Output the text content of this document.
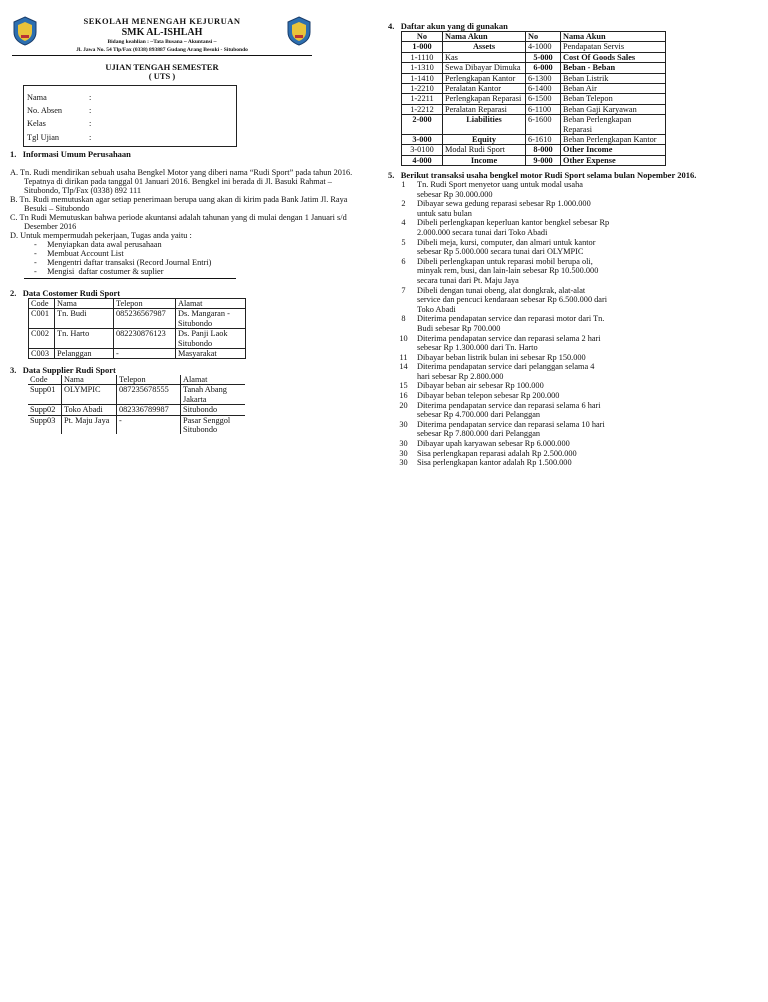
SEKOLAH MENENGAH KEJURUAN
SMK AL-ISHLAH
Bidang keahlian : ~Tata Busana ~ Akuntansi ~
Jl. Jawa No. 54 Tlp/Fax (0338) 893887 Gudang Arang Besuki - Situbondo
UJIAN TENGAH SEMESTER
( UTS )
Nama	:
No. Absen	:
Kelas	:
Tgl Ujian	:
1.   Informasi Umum Perusahaan
A. Tn. Rudi mendirikan sebuah usaha Bengkel Motor yang diberi nama “Rudi Sport” pada tahun 2016.
Tepatnya di dirikan pada tanggal 01 Januari 2016. Bengkel ini berada di Jl. Basuki Rahmat –
Situbondo, Tlp/Fax (0338) 892 111
B. Tn. Rudi memutuskan agar setiap penerimaan berupa uang akan di kirim pada Bank Jatim Jl. Raya
Besuki – Situbondo
C. Tn Rudi Memutuskan bahwa periode akuntansi adalah tahunan yang di mulai dengan 1 Januari s/d
Desember 2016
D. Untuk mempermudah pekerjaan, Tugas anda yaitu :
-     Menyiapkan data awal perusahaan
-     Membuat Account List
-     Mengentri daftar transaksi (Record Journal Entri)
-     Mengisi  daftar costumer & suplier
2.   Data Costomer Rudi Sport
Code	Nama	Telepon	Alamat
C001	Tn. Budi	085236567987	Ds. Mangaran -
Situbondo
C002	Tn. Harto	082230876123	Ds. Panji Laok
Situbondo
C003	Pelanggan	-	Masyarakat
3.   Data Supplier Rudi Sport
Code	Nama	Telepon	Alamat
Supp01	OLYMPIC	087235678555	Tanah Abang
Jakarta
Supp02	Toko Abadi	082336789987	Situbondo
Supp03	Pt. Maju Jaya	-	Pasar Senggol
Situbondo
4.   Daftar akun yang di gunakan
No	Nama Akun	No	Nama Akun
1-000	Assets	4-1000	Pendapatan Servis
1-1110	Kas	5-000	Cost Of Goods Sales
1-1310	Sewa Dibayar Dimuka	6-000	Beban - Beban
1-1410	Perlengkapan Kantor	6-1300	Beban Listrik
1-2210	Peralatan Kantor	6-1400	Beban Air
1-2211	Perlengkapan Reparasi	6-1500	Beban Telepon
1-2212	Peralatan Reparasi	6-1100	Beban Gaji Karyawan
2-000	Liabilities	6-1600	Beban Perlengkapan
Reparasi
3-000	Equity	6-1610	Beban Perlengkapan Kantor
3-0100	Modal Rudi Sport	8-000	Other Income
4-000	Income	9-000	Other Expense
5.   Berikut transaksi usaha bengkel motor Rudi Sport selama bulan Nopember 2016.
1	Tn. Rudi Sport menyetor uang untuk modal usaha
sebesar Rp 30.000.000
2	Dibayar sewa gedung reparasi sebesar Rp 1.000.000
untuk satu bulan
4	Dibeli perlengkapan keperluan kantor bengkel sebesar Rp
2.000.000 secara tunai dari Toko Abadi
5	Dibeli meja, kursi, computer, dan almari untuk kantor
sebesar Rp 5.000.000 secara tunai dari OLYMPIC
6	Dibeli perlengkapan untuk reparasi mobil berupa oli,
minyak rem, busi, dan lain-lain sebesar Rp 10.500.000
secara tunai dari Pt. Maju Jaya
7	Dibeli dengan tunai obeng, alat dongkrak, alat-alat
service dan pencuci kendaraan sebesar Rp 6.500.000 dari
Toko Abadi
8	Diterima pendapatan service dan reparasi motor dari Tn.
Budi sebesar Rp 700.000
10	Diterima pendapatan service dan reparasi selama 2 hari
sebesar Rp 1.300.000 dari Tn. Harto
11	Dibayar beban listrik bulan ini sebesar Rp 150.000
14	Diterima pendapatan service dari pelanggan selama 4
hari sebesar Rp 2.800.000
15	Dibayar beban air sebesar Rp 100.000
16	Dibayar beban telepon sebesar Rp 200.000
20	Diterima pendapatan service dan reparasi selama 6 hari
sebesar Rp 4.700.000 dari Pelanggan
30	Diterima pendapatan service dan reparasi selama 10 hari
sebesar Rp 7.800.000 dari Pelanggan
30	Dibayar upah karyawan sebesar Rp 6.000.000
30	Sisa perlengkapan reparasi adalah Rp 2.500.000
30	Sisa perlengkapan kantor adalah Rp 1.500.000
